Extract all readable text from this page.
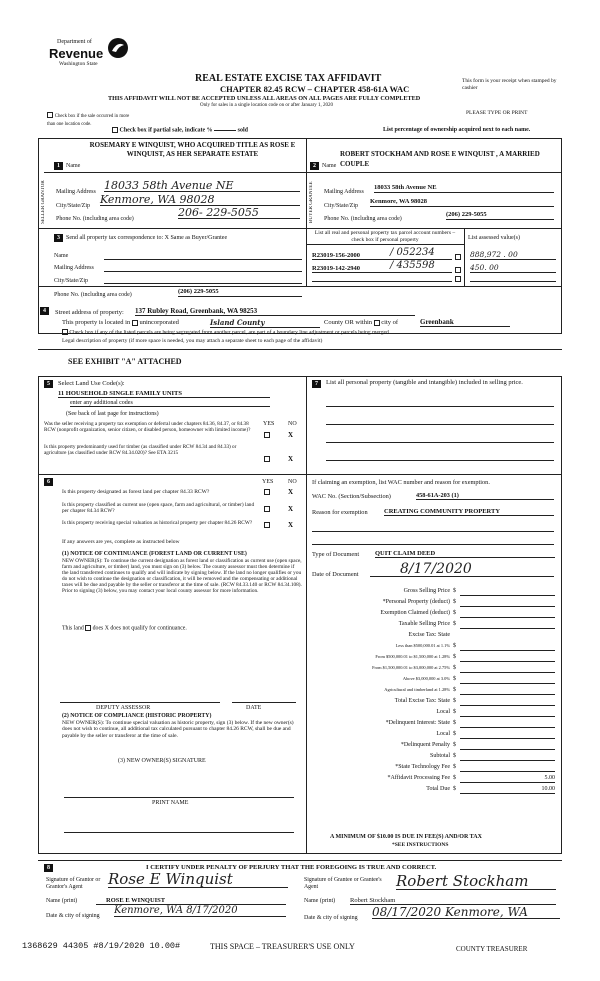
Department of
Revenue
Washington State
REAL ESTATE EXCISE TAX AFFIDAVIT
CHAPTER 82.45 RCW – CHAPTER 458-61A WAC
THIS AFFIDAVIT WILL NOT BE ACCEPTED UNLESS ALL AREAS ON ALL PAGES ARE FULLY COMPLETED
Only for sales in a single location code on or after January 1, 2020
This form is your receipt when stamped by cashier
PLEASE TYPE OR PRINT
Check box if the sale occurred in more than one location code.
Check box if partial sale, indicate %	sold	List percentage of ownership acquired next to each name.
1	Name
ROSEMARY E WINQUIST, WHO ACQUIRED TITLE AS ROSE E WINQUIST, AS HER SEPARATE ESTATE
SELLER GRANTOR	Mailing Address 18033 58th Avenue NE
City/State/Zip Kenmore, WA 98028
Phone No. (including area code)	206- 229-5055
2	Name
ROBERT STOCKHAM AND ROSE E WINQUIST , A MARRIED COUPLE
BUYER GRANTEE	Mailing Address
18033 58th Avenue NE
City/State/Zip
Kenmore, WA 98028
Phone No. (including area code)
(206) 229-5055
3	Send all property tax correspondence to: X Same as Buyer/Grantee
Name
Mailing Address
City/State/Zip
Phone No. (including area code)	(206) 229-5055
List all real and personal property tax parcel account numbers – check box if personal property	List assessed value(s)
R23019-156-2000	/ 052234	888,972 . 00
R23019-142-2940	/ 435598	450. 00
4	Street address of property: 137 Rubley Road, Greenbank, WA 98253
This property is located in unincorporated	Island County	County OR within city of	Greenbank
Check box if any of the listed parcels are being segregated from another parcel, are part of a boundary line adjustment or parcels being merged
Legal description of property (if more space is needed, you may attach a separate sheet to each page of the affidavit)
SEE EXHIBIT "A" ATTACHED
5	Select Land Use Code(s):
11 HOUSEHOLD SINGLE FAMILY UNITS
enter any additional codes
(See back of last page for instructions)
YES NO
Was the seller receiving a property tax exemption or deferral under chapters 84.36, 84.37, or 84.38 RCW (nonprofit organization, senior citizen, or disabled person, homeowner with limited income)?
X
Is this property predominantly used for timber (as classified under RCW 84.34 and 84.33) or agriculture (as classified under RCW 84.34.020)? See ETA 3215
X
7	List all personal property (tangible and intangible) included in selling price.
6	YES NO
Is this property designated as forest land per chapter 84.33 RCW?	X
Is this property classified as current use (open space, farm and agricultural, or timber) land per chapter 84.34 RCW?	X
Is this property receiving special valuation as historical property per chapter 84.26 RCW?	X
If any answers are yes, complete as instructed below
(1) NOTICE OF CONTINUANCE (FOREST LAND OR CURRENT USE)
NEW OWNER(S): To continue the current designation as forest land or classification as current use (open space, farm and agriculture, or timber) land, you must sign on (3) below. The county assessor must then determine if the land transferred continues to qualify and will indicate by signing below. If the land no longer qualifies or you do not wish to continue the designation or classification, it will be removed and the compensating or additional taxes will be due and payable by the seller or transferor at the time of sale. (RCW 84.33.140 or RCW 84.34.108). Prior to signing (3) below, you may contact your local county assessor for more information.
This land does X does not qualify for continuance.
DEPUTY ASSESSOR	DATE
(2) NOTICE OF COMPLIANCE (HISTORIC PROPERTY)
NEW OWNER(S): To continue special valuation as historic property, sign (3) below. If the new owner(s) does not wish to continue, all additional tax calculated pursuant to chapter 84.26 RCW, shall be due and payable by the seller or transferor at the time of sale.
(3) NEW OWNER(S) SIGNATURE
PRINT NAME
If claiming an exemption, list WAC number and reason for exemption.
WAC No. (Section/Subsection)	458-61A-203 (1)
Reason for exemption	CREATING COMMUNITY PROPERTY
Type of Document QUIT CLAIM DEED
Date of Document	8/17/2020
Gross Selling Price $
*Personal Property (deduct) $
Exemption Claimed (deduct) $
Taxable Selling Price $
Excise Tax: State
Less than $500,000.01 at 1.1% $
From $500,000.01 to $1,500,000 at 1.28% $
From $1,500,000.01 to $3,000,000 at 2.75% $
Above $3,000,000 at 3.0% $
Agricultural and timberland at 1.28% $
Total Excise Tax: State $
Local $
*Delinquent Interest: State $
Local $
*Delinquent Penalty $
Subtotal $
*State Technology Fee $
*Affidavit Processing Fee $	5.00
Total Due $	10.00
A MINIMUM OF $10.00 IS DUE IN FEE(S) AND/OR TAX
*SEE INSTRUCTIONS
8	I CERTIFY UNDER PENALTY OF PERJURY THAT THE FOREGOING IS TRUE AND CORRECT.
Signature of Grantor or Grantor's Agent	Rose E Winquist
Name (print)	ROSE E WINQUIST
Date & city of signing Kenmore, WA 8/17/2020
Signature of Grantee or Grantee's Agent	Robert Stockham
Name (print) Robert Stockham
Date & city of signing 08/17/2020 Kenmore, WA
1368629 44305 #8/19/2020 10.00#	THIS SPACE – TREASURER'S USE ONLY	COUNTY TREASURER
